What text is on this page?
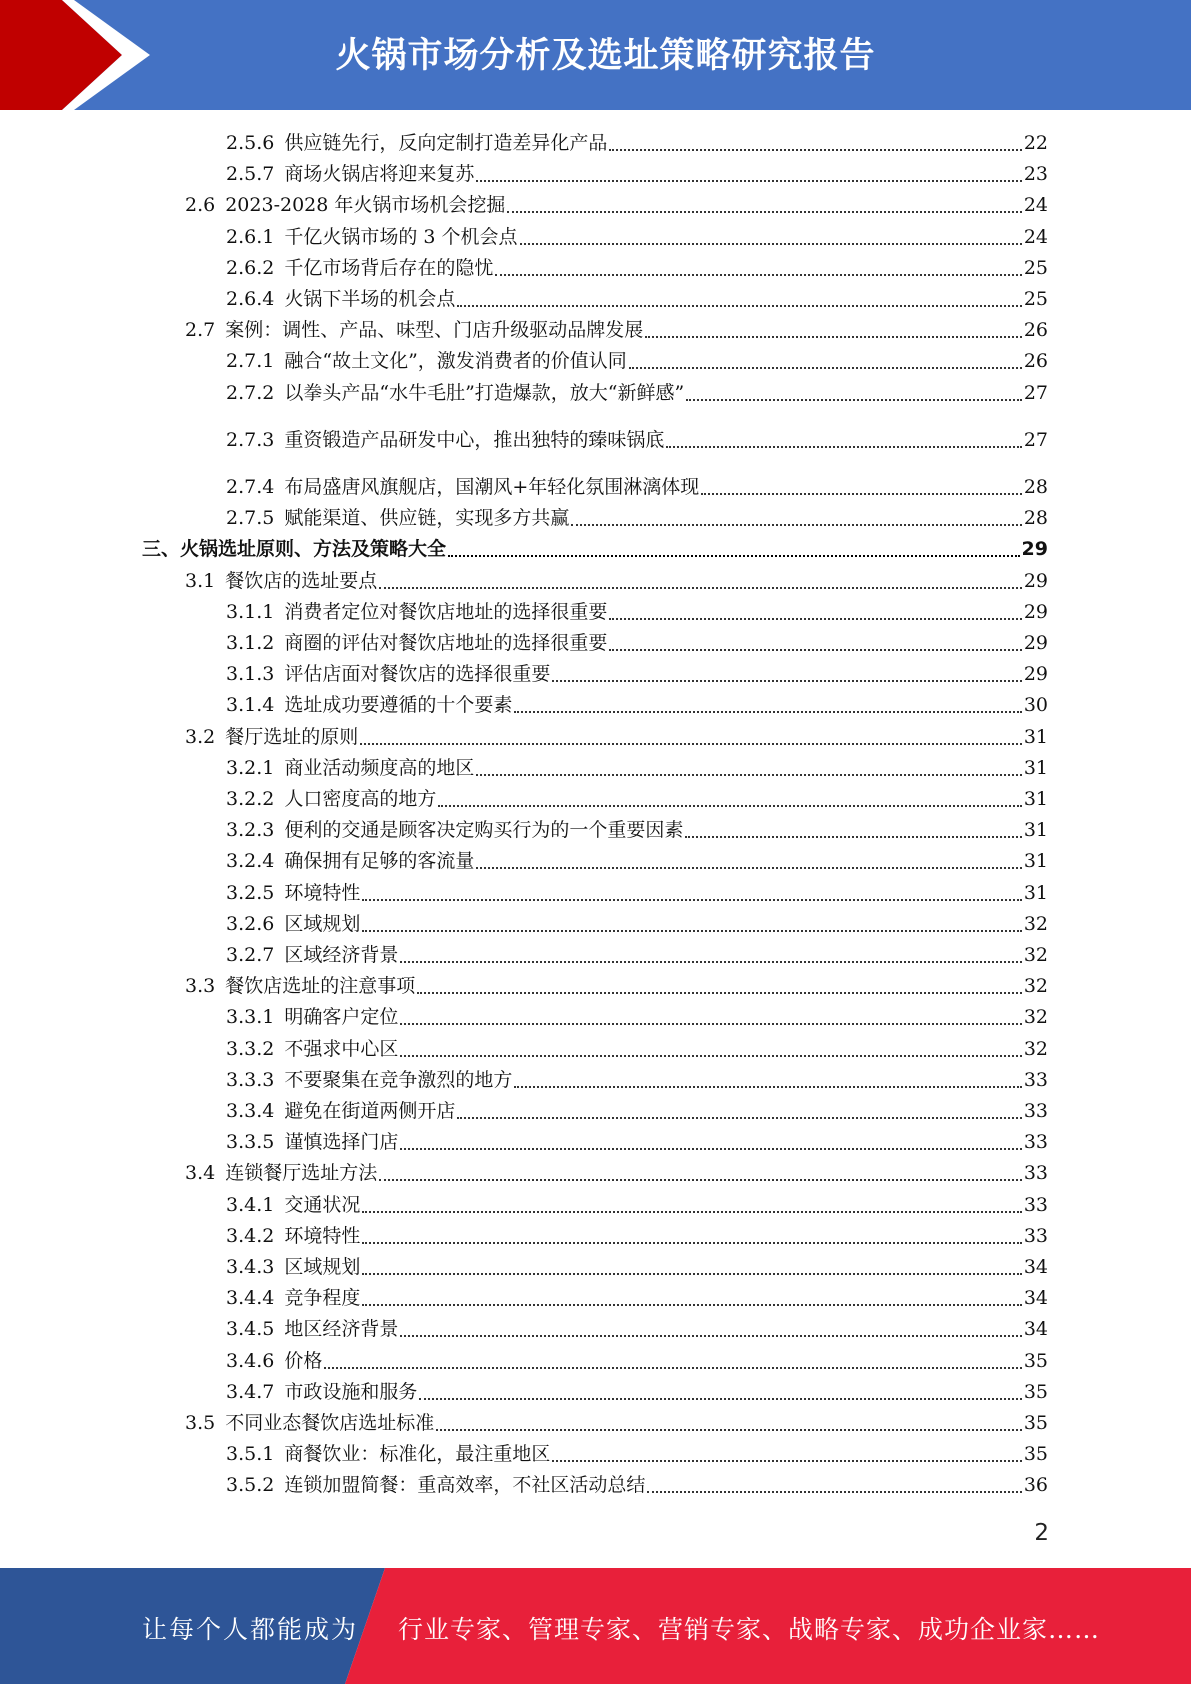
火锅市场分析及选址策略研究报告
2.5.6 供应链先行，反向定制打造差异化产品	22
2.5.7 商场火锅店将迎来复苏	23
2.6 2023-2028 年火锅市场机会挖掘	24
2.6.1 千亿火锅市场的 3 个机会点	24
2.6.2 千亿市场背后存在的隐忧	25
2.6.4 火锅下半场的机会点	25
2.7 案例：调性、产品、味型、门店升级驱动品牌发展	26
2.7.1 融合“故土文化”，激发消费者的价值认同	26
2.7.2 以拳头产品“水牛毛肚”打造爆款，放大“新鲜感”	27
2.7.3 重资锻造产品研发中心，推出独特的臻味锅底	27
2.7.4 布局盛唐风旗舰店，国潮风+年轻化氛围淋漓体现	28
2.7.5 赋能渠道、供应链，实现多方共赢	28
三、火锅选址原则、方法及策略大全	29
3.1 餐饮店的选址要点	29
3.1.1 消费者定位对餐饮店地址的选择很重要	29
3.1.2 商圈的评估对餐饮店地址的选择很重要	29
3.1.3 评估店面对餐饮店的选择很重要	29
3.1.4 选址成功要遵循的十个要素	30
3.2 餐厅选址的原则	31
3.2.1 商业活动频度高的地区	31
3.2.2 人口密度高的地方	31
3.2.3 便利的交通是顾客决定购买行为的一个重要因素	31
3.2.4 确保拥有足够的客流量	31
3.2.5 环境特性	31
3.2.6 区域规划	32
3.2.7 区域经济背景	32
3.3 餐饮店选址的注意事项	32
3.3.1 明确客户定位	32
3.3.2 不强求中心区	32
3.3.3 不要聚集在竞争激烈的地方	33
3.3.4 避免在街道两侧开店	33
3.3.5 谨慎选择门店	33
3.4 连锁餐厅选址方法	33
3.4.1 交通状况	33
3.4.2 环境特性	33
3.4.3 区域规划	34
3.4.4 竞争程度	34
3.4.5 地区经济背景	34
3.4.6 价格	35
3.4.7 市政设施和服务	35
3.5 不同业态餐饮店选址标准	35
3.5.1 商餐饮业：标准化，最注重地区	35
3.5.2 连锁加盟简餐：重高效率，不社区活动总结	36
2
让每个人都能成为 行业专家、管理专家、营销专家、战略专家、成功企业家……
